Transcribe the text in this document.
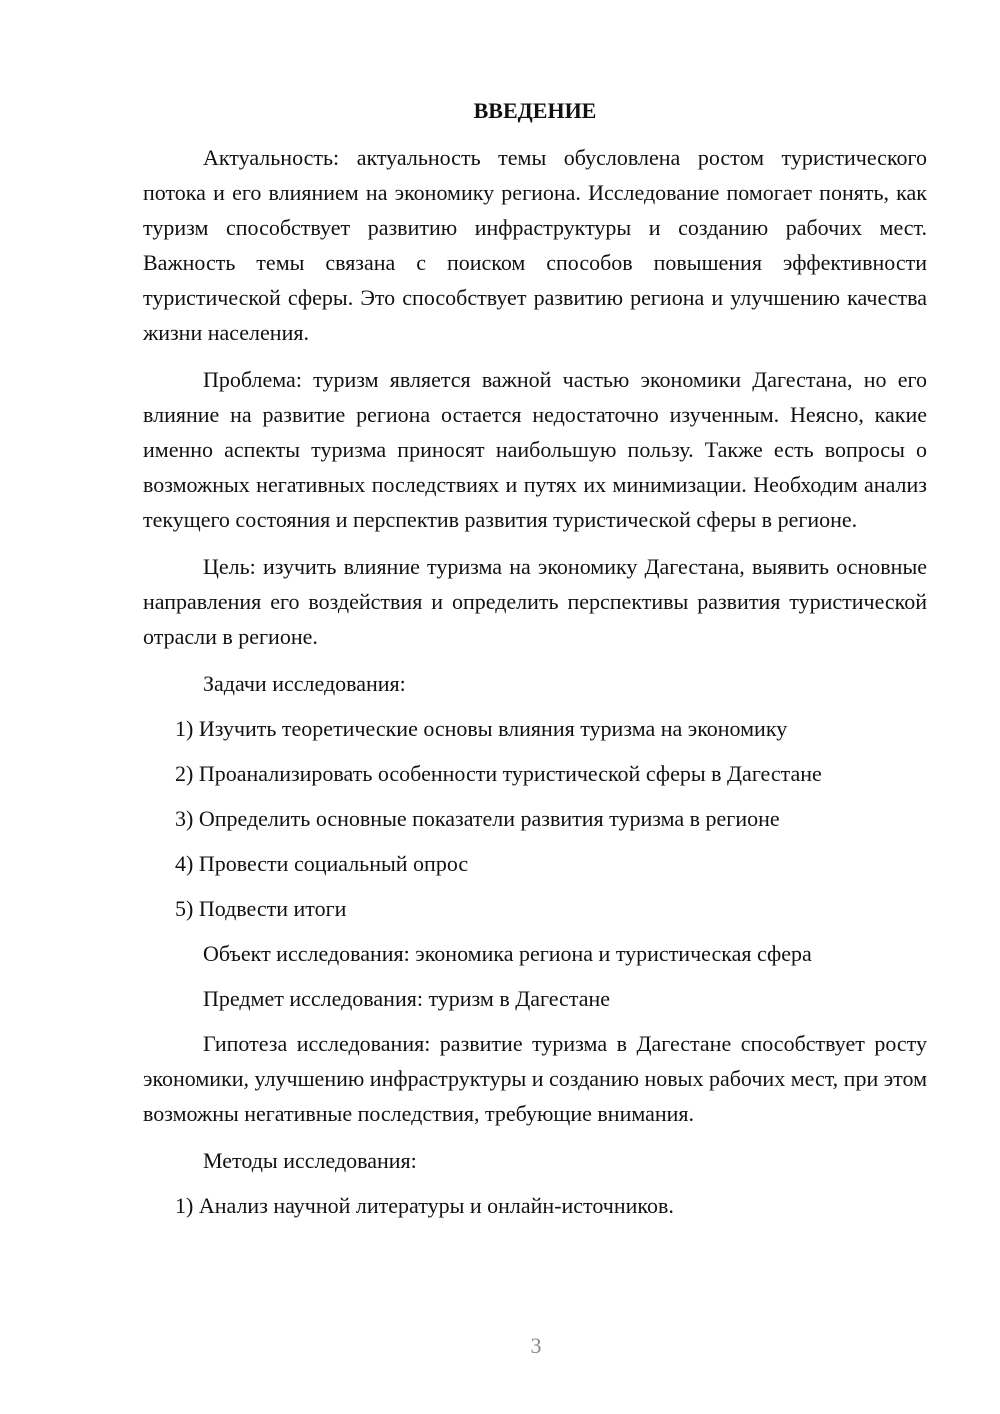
ВВЕДЕНИЕ

Актуальность: актуальность темы обусловлена ростом туристического потока и его влиянием на экономику региона. Исследование помогает понять, как туризм способствует развитию инфраструктуры и созданию рабочих мест. Важность темы связана с поиском способов повышения эффективности туристической сферы. Это способствует развитию региона и улучшению качества жизни населения.

Проблема: туризм является важной частью экономики Дагестана, но его влияние на развитие региона остается недостаточно изученным. Неясно, какие именно аспекты туризма приносят наибольшую пользу. Также есть вопросы о возможных негативных последствиях и путях их минимизации. Необходим анализ текущего состояния и перспектив развития туристической сферы в регионе.

Цель: изучить влияние туризма на экономику Дагестана, выявить основные направления его воздействия и определить перспективы развития туристической отрасли в регионе.

Задачи исследования:

1) Изучить теоретические основы влияния туризма на экономику

2) Проанализировать особенности туристической сферы в Дагестане

3) Определить основные показатели развития туризма в регионе

4) Провести социальный опрос

5) Подвести итоги

Объект исследования: экономика региона и туристическая сфера

Предмет исследования: туризм в Дагестане

Гипотеза исследования: развитие туризма в Дагестане способствует росту экономики, улучшению инфраструктуры и созданию новых рабочих мест, при этом возможны негативные последствия, требующие внимания.

Методы исследования:

1) Анализ научной литературы и онлайн-источников.

3
